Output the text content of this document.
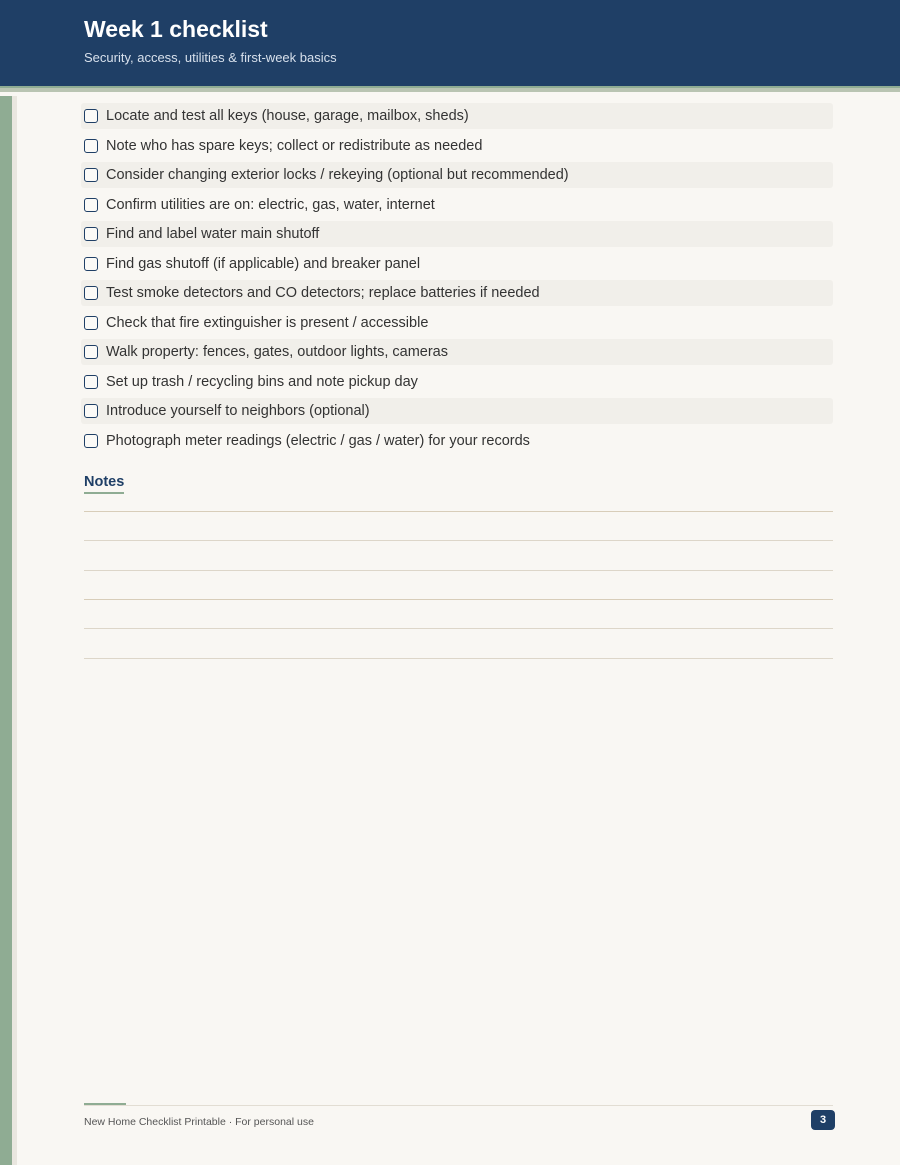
Week 1 checklist
Security, access, utilities & first-week basics
Locate and test all keys (house, garage, mailbox, sheds)
Note who has spare keys; collect or redistribute as needed
Consider changing exterior locks / rekeying (optional but recommended)
Confirm utilities are on: electric, gas, water, internet
Find and label water main shutoff
Find gas shutoff (if applicable) and breaker panel
Test smoke detectors and CO detectors; replace batteries if needed
Check that fire extinguisher is present / accessible
Walk property: fences, gates, outdoor lights, cameras
Set up trash / recycling bins and note pickup day
Introduce yourself to neighbors (optional)
Photograph meter readings (electric / gas / water) for your records
Notes
New Home Checklist Printable · For personal use	3
